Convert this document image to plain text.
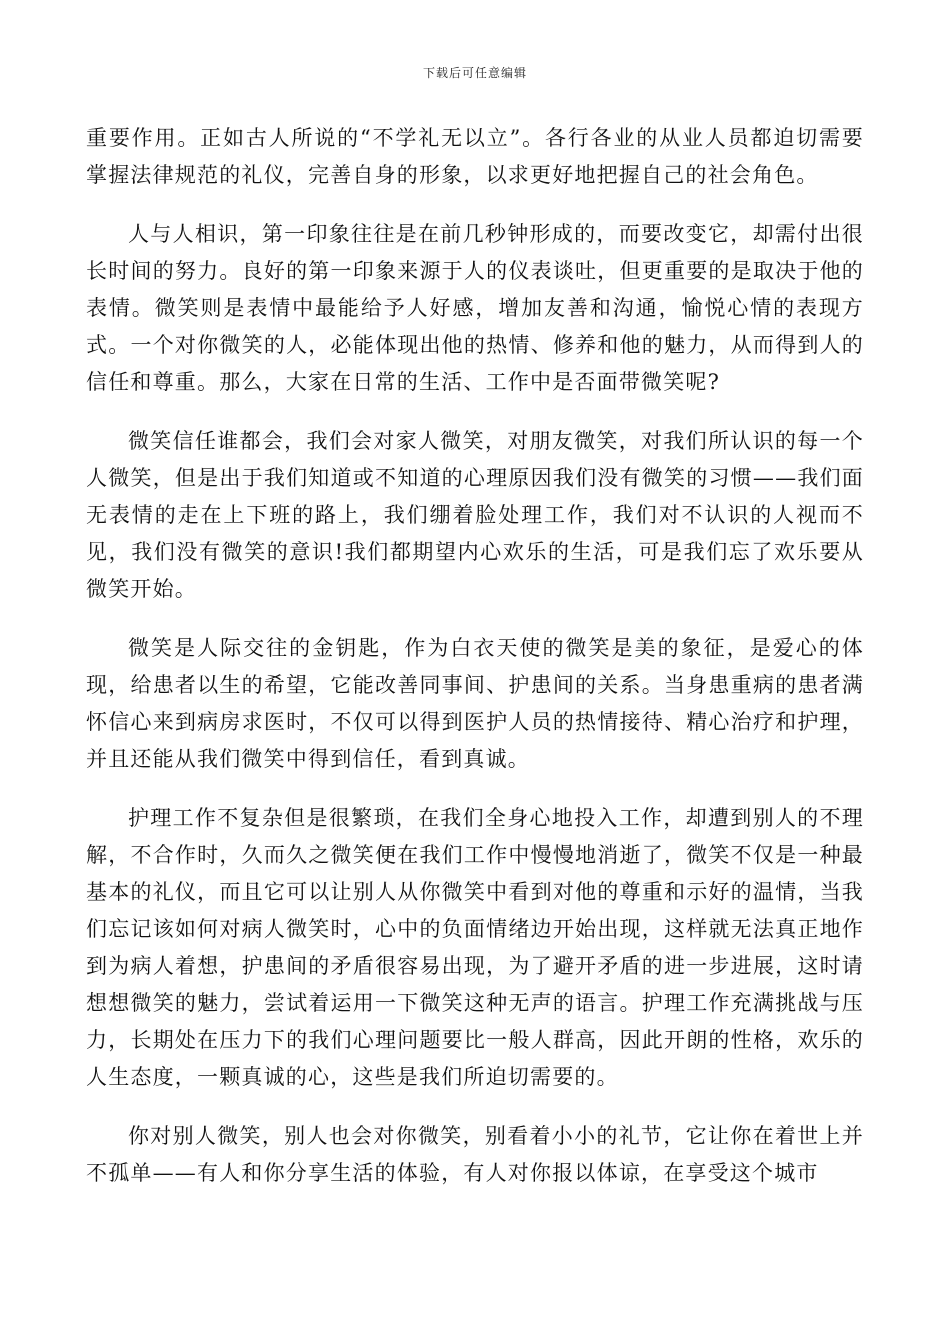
下载后可任意编辑

重要作用。正如古人所说的“不学礼无以立”。各行各业的从业人员都迫切需要掌握法律规范的礼仪，完善自身的形象，以求更好地把握自己的社会角色。

人与人相识，第一印象往往是在前几秒钟形成的，而要改变它，却需付出很长时间的努力。良好的第一印象来源于人的仪表谈吐，但更重要的是取决于他的表情。微笑则是表情中最能给予人好感，增加友善和沟通，愉悦心情的表现方式。一个对你微笑的人，必能体现出他的热情、修养和他的魅力，从而得到人的信任和尊重。那么，大家在日常的生活、工作中是否面带微笑呢?

微笑信任谁都会，我们会对家人微笑，对朋友微笑，对我们所认识的每一个人微笑，但是出于我们知道或不知道的心理原因我们没有微笑的习惯——我们面无表情的走在上下班的路上，我们绷着脸处理工作，我们对不认识的人视而不见，我们没有微笑的意识!我们都期望内心欢乐的生活，可是我们忘了欢乐要从微笑开始。

微笑是人际交往的金钥匙，作为白衣天使的微笑是美的象征，是爱心的体现，给患者以生的希望，它能改善同事间、护患间的关系。当身患重病的患者满怀信心来到病房求医时，不仅可以得到医护人员的热情接待、精心治疗和护理，并且还能从我们微笑中得到信任，看到真诚。

护理工作不复杂但是很繁琐，在我们全身心地投入工作，却遭到别人的不理解，不合作时，久而久之微笑便在我们工作中慢慢地消逝了，微笑不仅是一种最基本的礼仪，而且它可以让别人从你微笑中看到对他的尊重和示好的温情，当我们忘记该如何对病人微笑时，心中的负面情绪边开始出现，这样就无法真正地作到为病人着想，护患间的矛盾很容易出现，为了避开矛盾的进一步进展，这时请想想微笑的魅力，尝试着运用一下微笑这种无声的语言。护理工作充满挑战与压力，长期处在压力下的我们心理问题要比一般人群高，因此开朗的性格，欢乐的人生态度，一颗真诚的心，这些是我们所迫切需要的。

你对别人微笑，别人也会对你微笑，别看着小小的礼节，它让你在着世上并不孤单——有人和你分享生活的体验，有人对你报以体谅，在享受这个城市
